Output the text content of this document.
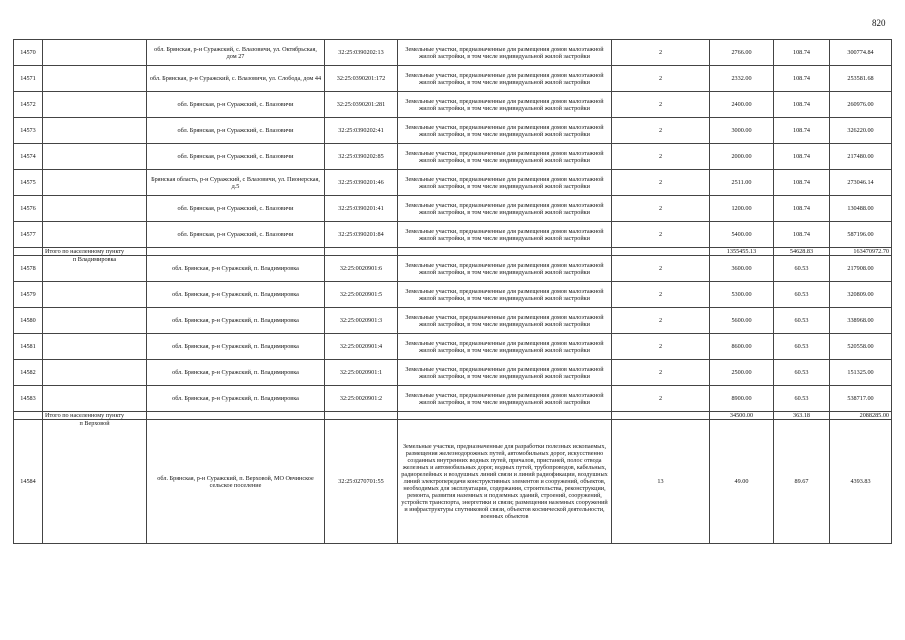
820
14570		обл. Брянская, р-н Суражский, с. Влазовичи, ул. Октябрьская, дом 27	32:25:0390202:13	Земельные участки, предназначенные для размещения домов малоэтажной жилой застройки, в том числе индивидуальной жилой застройки	2	2766.00	108.74	300774.84
14571		обл. Брянская, р-н Суражский, с. Влазовичи, ул. Слобода, дом 44	32:25:0390201:172	Земельные участки, предназначенные для размещения домов малоэтажной жилой застройки, в том числе индивидуальной жилой застройки	2	2332.00	108.74	253581.68
14572		обл. Брянская, р-н Суражский, с. Влазовичи	32:25:0390201:281	Земельные участки, предназначенные для размещения домов малоэтажной жилой застройки, в том числе индивидуальной жилой застройки	2	2400.00	108.74	260976.00
14573		обл. Брянская, р-н Суражский, с. Влазовичи	32:25:0390202:41	Земельные участки, предназначенные для размещения домов малоэтажной жилой застройки, в том числе индивидуальной жилой застройки	2	3000.00	108.74	326220.00
14574		обл. Брянская, р-н Суражский, с. Влазовичи	32:25:0390202:85	Земельные участки, предназначенные для размещения домов малоэтажной жилой застройки, в том числе индивидуальной жилой застройки	2	2000.00	108.74	217480.00
14575		Брянская область, р-н Суражский, с Влазовичи, ул. Пионерская, д.5	32:25:0390201:46	Земельные участки, предназначенные для размещения домов малоэтажной жилой застройки, в том числе индивидуальной жилой застройки	2	2511.00	108.74	273046.14
14576		обл. Брянская, р-н Суражский, с. Влазовичи	32:25:0390201:41	Земельные участки, предназначенные для размещения домов малоэтажной жилой застройки, в том числе индивидуальной жилой застройки	2	1200.00	108.74	130488.00
14577		обл. Брянская, р-н Суражский, с. Влазовичи	32:25:0390201:84	Земельные участки, предназначенные для размещения домов малоэтажной жилой застройки, в том числе индивидуальной жилой застройки	2	5400.00	108.74	587196.00
	Итого по населенному пункту					1355455.13	54628.83	163470972.70
14578	п Владимировка	обл. Брянская, р-н Суражский, п. Владимировка	32:25:0020901:6	Земельные участки, предназначенные для размещения домов малоэтажной жилой застройки, в том числе индивидуальной жилой застройки	2	3600.00	60.53	217908.00
14579		обл. Брянская, р-н Суражский, п. Владимировка	32:25:0020901:5	Земельные участки, предназначенные для размещения домов малоэтажной жилой застройки, в том числе индивидуальной жилой застройки	2	5300.00	60.53	320809.00
14580		обл. Брянская, р-н Суражский, п. Владимировка	32:25:0020901:3	Земельные участки, предназначенные для размещения домов малоэтажной жилой застройки, в том числе индивидуальной жилой застройки	2	5600.00	60.53	338968.00
14581		обл. Брянская, р-н Суражский, п. Владимировка	32:25:0020901:4	Земельные участки, предназначенные для размещения домов малоэтажной жилой застройки, в том числе индивидуальной жилой застройки	2	8600.00	60.53	520558.00
14582		обл. Брянская, р-н Суражский, п. Владимировка	32:25:0020901:1	Земельные участки, предназначенные для размещения домов малоэтажной жилой застройки, в том числе индивидуальной жилой застройки	2	2500.00	60.53	151325.00
14583		обл. Брянская, р-н Суражский, п. Владимировка	32:25:0020901:2	Земельные участки, предназначенные для размещения домов малоэтажной жилой застройки, в том числе индивидуальной жилой застройки	2	8900.00	60.53	538717.00
	Итого по населенному пункту					34500.00	363.18	2088285.00
14584	п Верховой	обл. Брянская, р-н Суражский, п. Верховой, МО Овчинское сельское поселение	32:25:0270701:55	Земельные участки, предназначенные для разработки полезных ископаемых, размещения железнодорожных путей, автомобильных дорог, искусственно созданных внутренних водных путей, причалов, пристаней, полос отвода железных и автомобильных дорог, водных путей, трубопроводов, кабельных, радиорелейных и воздушных линий связи и линий радиофикации, воздушных линий электропередачи конструктивных элементов и сооружений, объектов, необходимых для эксплуатации, содержания, строительства, реконструкции, ремонта, развития наземных и подземных зданий, строений, сооружений, устройств транспорта, энергетики и связи; размещения наземных сооружений и инфраструктуры спутниковой связи, объектов космической деятельности, военных объектов	13	49.00	89.67	4393.83
